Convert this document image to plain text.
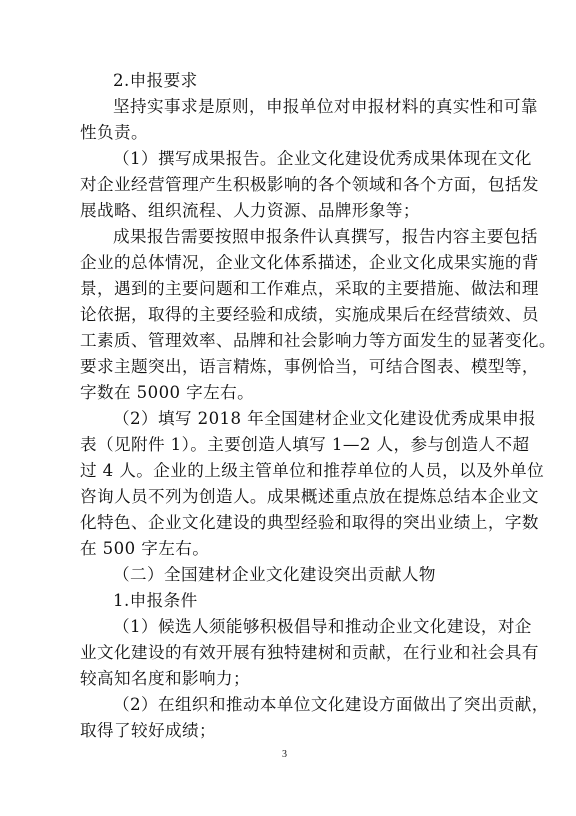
2.申报要求
坚持实事求是原则，申报单位对申报材料的真实性和可靠
性负责。
（1）撰写成果报告。企业文化建设优秀成果体现在文化
对企业经营管理产生积极影响的各个领域和各个方面，包括发
展战略、组织流程、人力资源、品牌形象等；
成果报告需要按照申报条件认真撰写，报告内容主要包括
企业的总体情况，企业文化体系描述，企业文化成果实施的背
景，遇到的主要问题和工作难点，采取的主要措施、做法和理
论依据，取得的主要经验和成绩，实施成果后在经营绩效、员
工素质、管理效率、品牌和社会影响力等方面发生的显著变化。
要求主题突出，语言精炼，事例恰当，可结合图表、模型等，
字数在 5000 字左右。
（2）填写 2018 年全国建材企业文化建设优秀成果申报
表（见附件 1）。主要创造人填写 1—2 人，参与创造人不超
过 4 人。企业的上级主管单位和推荐单位的人员，以及外单位
咨询人员不列为创造人。成果概述重点放在提炼总结本企业文
化特色、企业文化建设的典型经验和取得的突出业绩上，字数
在 500 字左右。
（二）全国建材企业文化建设突出贡献人物
1.申报条件
（1）候选人须能够积极倡导和推动企业文化建设，对企
业文化建设的有效开展有独特建树和贡献，在行业和社会具有
较高知名度和影响力；
（2）在组织和推动本单位文化建设方面做出了突出贡献，
取得了较好成绩；
3
